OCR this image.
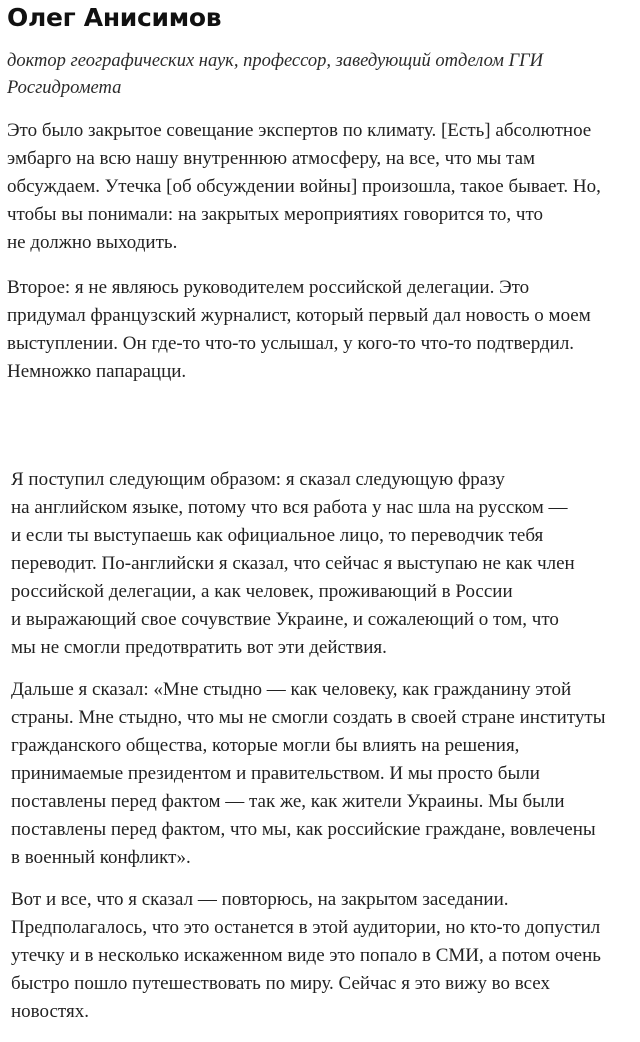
Олег Анисимов

доктор географических наук, профессор, заведующий отделом ГГИ
Росгидромета

Это было закрытое совещание экспертов по климату. [Есть] абсолютное
эмбарго на всю нашу внутреннюю атмосферу, на все, что мы там
обсуждаем. Утечка [об обсуждении войны] произошла, такое бывает. Но,
чтобы вы понимали: на закрытых мероприятиях говорится то, что
не должно выходить.

Второе: я не являюсь руководителем российской делегации. Это
придумал французский журналист, который первый дал новость о моем
выступлении. Он где-то что-то услышал, у кого-то что-то подтвердил.
Немножко папарацци.

Я поступил следующим образом: я сказал следующую фразу
на английском языке, потому что вся работа у нас шла на русском —
и если ты выступаешь как официальное лицо, то переводчик тебя
переводит. По-английски я сказал, что сейчас я выступаю не как член
российской делегации, а как человек, проживающий в России
и выражающий свое сочувствие Украине, и сожалеющий о том, что
мы не смогли предотвратить вот эти действия.

Дальше я сказал: «Мне стыдно — как человеку, как гражданину этой
страны. Мне стыдно, что мы не смогли создать в своей стране институты
гражданского общества, которые могли бы влиять на решения,
принимаемые президентом и правительством. И мы просто были
поставлены перед фактом — так же, как жители Украины. Мы были
поставлены перед фактом, что мы, как российские граждане, вовлечены
в военный конфликт».

Вот и все, что я сказал — повторюсь, на закрытом заседании.
Предполагалось, что это останется в этой аудитории, но кто-то допустил
утечку и в несколько искаженном виде это попало в СМИ, а потом очень
быстро пошло путешествовать по миру. Сейчас я это вижу во всех
новостях.
